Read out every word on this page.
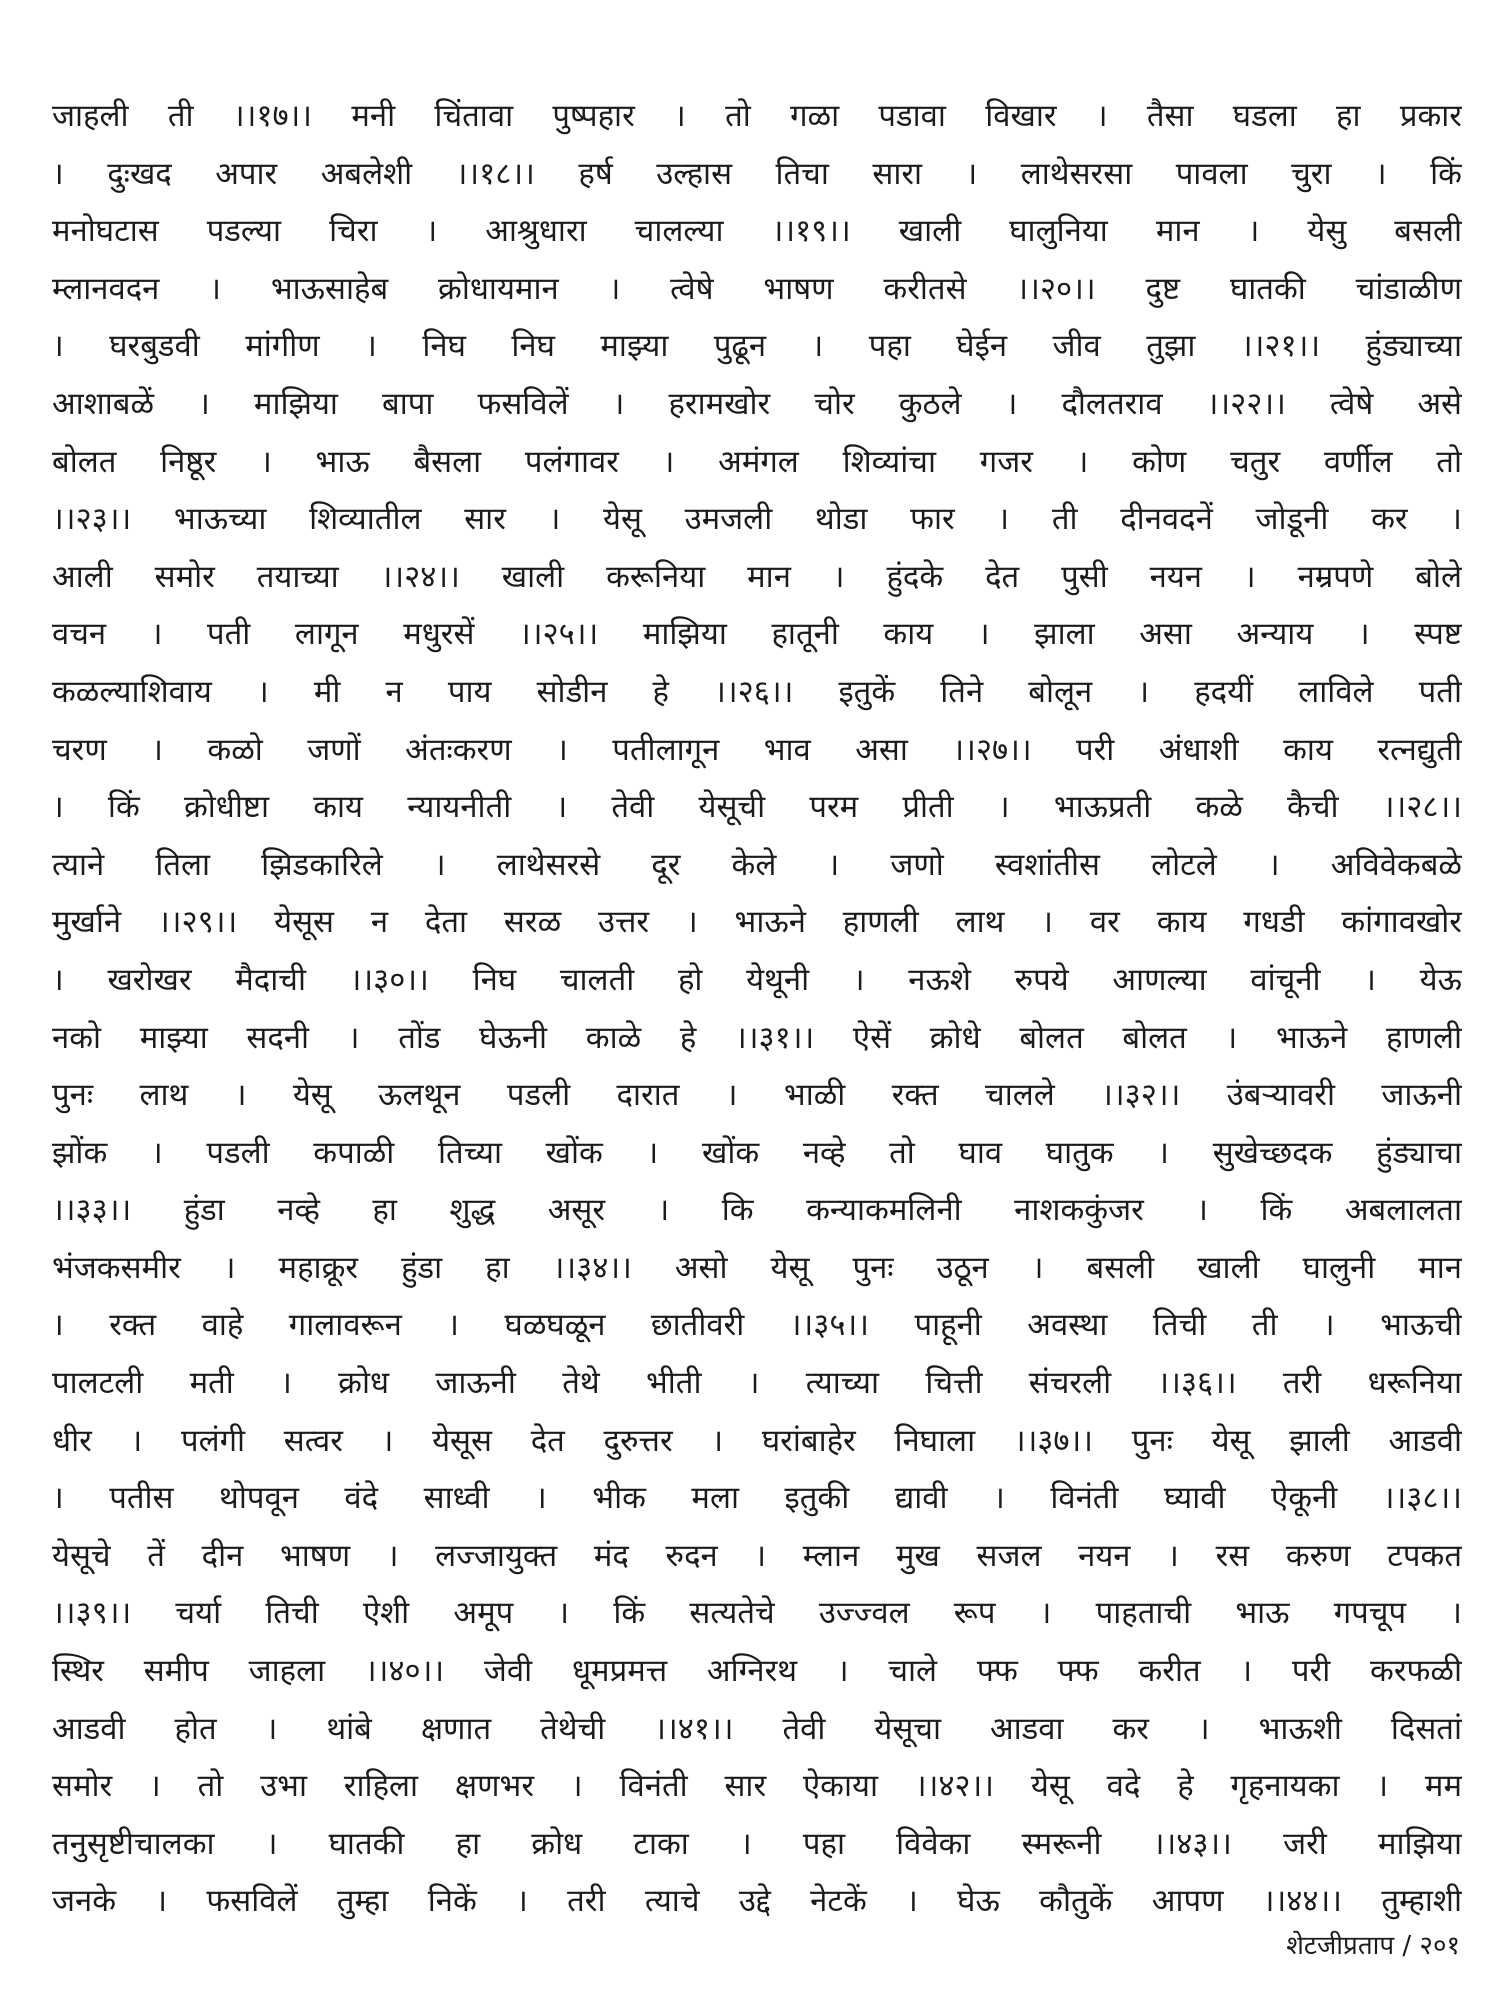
जाहली ती ।।१७।। मनी चिंतावा पुष्पहार । तो गळा पडावा विखार । तैसा घडला हा प्रकार
। दुःखद अपार अबलेशी ।।१८।। हर्ष उल्हास तिचा सारा । लाथेसरसा पावला चुरा । किं
मनोघटास पडल्या चिरा । आश्रुधारा चालल्या ।।१९।। खाली घालुनिया मान । येसु बसली
म्लानवदन । भाऊसाहेब क्रोधायमान । त्वेषे भाषण करीतसे ।।२०।। दुष्ट घातकी चांडाळीण
। घरबुडवी मांगीण । निघ निघ माझ्या पुढून । पहा घेईन जीव तुझा ।।२१।। हुंड्याच्या
आशाबळें । माझिया बापा फसविलें । हरामखोर चोर कुठले । दौलतराव ।।२२।। त्वेषे असे
बोलत निष्ठूर । भाऊ बैसला पलंगावर । अमंगल शिव्यांचा गजर । कोण चतुर वर्णील तो
।।२३।। भाऊच्या शिव्यातील सार । येसू उमजली थोडा फार । ती दीनवदनें जोडूनी कर ।
आली समोर तयाच्या ।।२४।। खाली करूनिया मान । हुंदके देत पुसी नयन । नम्रपणे बोले
वचन । पती लागून मधुरसें ।।२५।। माझिया हातूनी काय । झाला असा अन्याय । स्पष्ट
कळल्याशिवाय । मी न पाय सोडीन हे ।।२६।। इतुकें तिने बोलून । हदयीं लाविले पती
चरण । कळो जणों अंतःकरण । पतीलागून भाव असा ।।२७।। परी अंधाशी काय रत्नद्युती
। किं क्रोधीष्टा काय न्यायनीती । तेवी येसूची परम प्रीती । भाऊप्रती कळे कैची ।।२८।।
त्याने तिला झिडकारिले । लाथेसरसे दूर केले । जणो स्वशांतीस लोटले । अविवेकबळे
मुर्खाने ।।२९।। येसूस न देता सरळ उत्तर । भाऊने हाणली लाथ । वर काय गधडी कांगावखोर
। खरोखर मैदाची ।।३०।। निघ चालती हो येथूनी । नऊशे रुपये आणल्या वांचूनी । येऊ
नको माझ्या सदनी । तोंड घेऊनी काळे हे ।।३१।। ऐसें क्रोधे बोलत बोलत । भाऊने हाणली
पुनः लाथ । येसू ऊलथून पडली दारात । भाळी रक्त चालले ।।३२।। उंबऱ्यावरी जाऊनी
झोंक । पडली कपाळी तिच्या खोंक । खोंक नव्हे तो घाव घातुक । सुखेच्छदक हुंड्याचा
।।३३।। हुंडा नव्हे हा शुद्ध असूर । कि कन्याकमलिनी नाशककुंजर । किं अबलालता
भंजकसमीर । महाक्रूर हुंडा हा ।।३४।। असो येसू पुनः उठून । बसली खाली घालुनी मान
। रक्त वाहे गालावरून । घळघळून छातीवरी ।।३५।। पाहूनी अवस्था तिची ती । भाऊची
पालटली मती । क्रोध जाऊनी तेथे भीती । त्याच्या चित्ती संचरली ।।३६।। तरी धरूनिया
धीर । पलंगी सत्वर । येसूस देत दुरुत्तर । घरांबाहेर निघाला ।।३७।। पुनः येसू झाली आडवी
। पतीस थोपवून वंदे साध्वी । भीक मला इतुकी द्यावी । विनंती घ्यावी ऐकूनी ।।३८।।
येसूचे तें दीन भाषण । लज्जायुक्त मंद रुदन । म्लान मुख सजल नयन । रस करुण टपकत
।।३९।। चर्या तिची ऐशी अमूप । किं सत्यतेचे उज्ज्वल रूप । पाहताची भाऊ गपचूप ।
स्थिर समीप जाहला ।।४०।। जेवी धूमप्रमत्त अग्निरथ । चाले फ्फ फ्फ करीत । परी करफळी
आडवी होत । थांबे क्षणात तेथेची ।।४१।। तेवी येसूचा आडवा कर । भाऊशी दिसतां
समोर । तो उभा राहिला क्षणभर । विनंती सार ऐकाया ।।४२।। येसू वदे हे गृहनायका । मम
तनुसृष्टीचालका । घातकी हा क्रोध टाका । पहा विवेका स्मरूनी ।।४३।। जरी माझिया
जनके । फसविलें तुम्हा निकें । तरी त्याचे उद्दे नेटकें । घेऊ कौतुकें आपण ।।४४।। तुम्हाशी
शेटजीप्रताप / २०१
